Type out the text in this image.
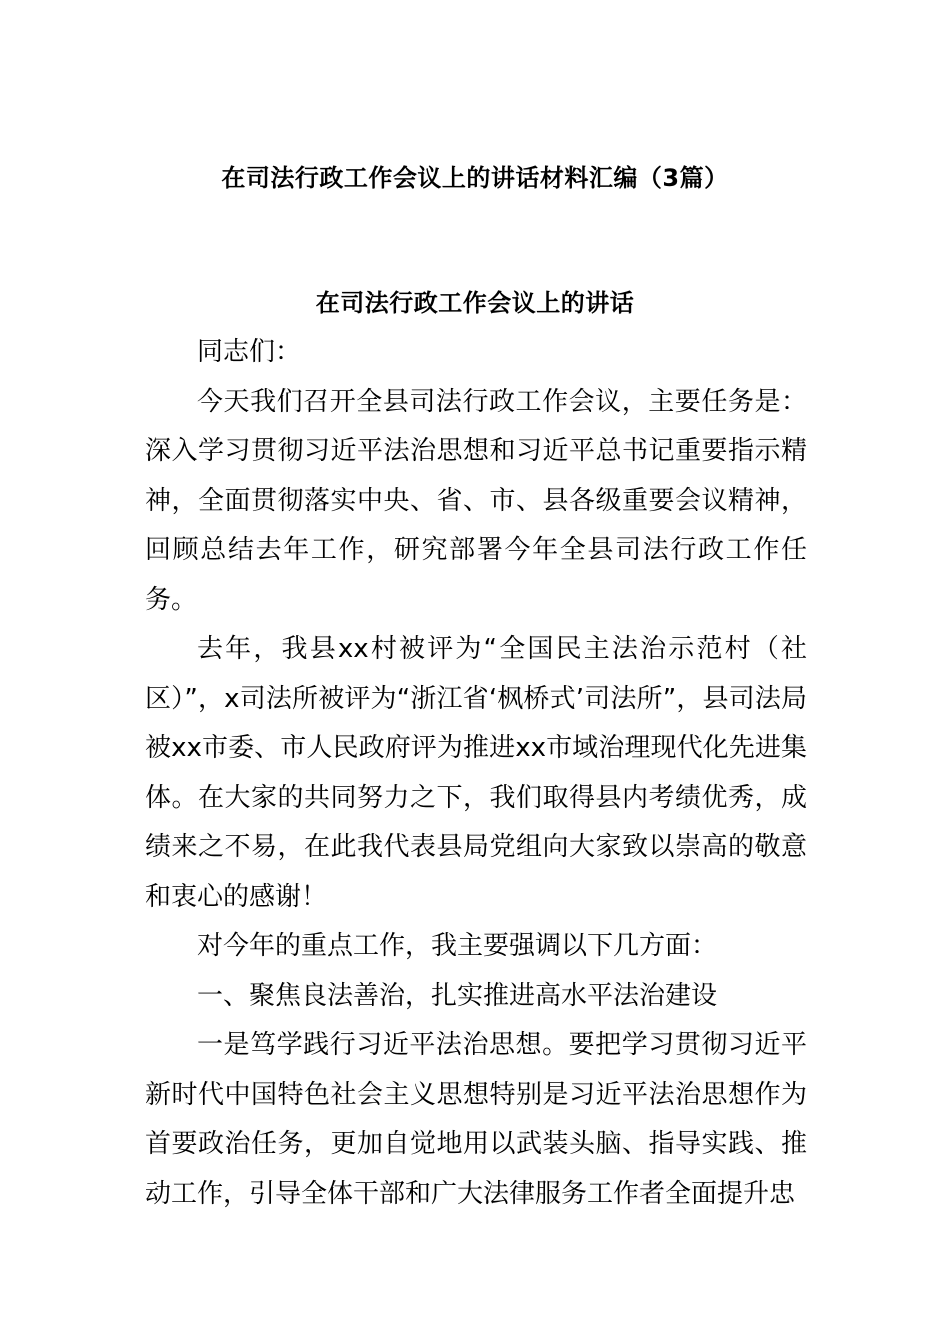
在司法行政工作会议上的讲话材料汇编（3篇）
在司法行政工作会议上的讲话

同志们：

今天我们召开全县司法行政工作会议，主要任务是：深入学习贯彻习近平法治思想和习近平总书记重要指示精神，全面贯彻落实中央、省、市、县各级重要会议精神，回顾总结去年工作，研究部署今年全县司法行政工作任务。

去年，我县xx村被评为“全国民主法治示范村（社区）”，x司法所被评为“浙江省‘枫桥式’司法所”，县司法局被xx市委、市人民政府评为推进xx市域治理现代化先进集体。在大家的共同努力之下，我们取得县内考绩优秀，成绩来之不易，在此我代表县局党组向大家致以崇高的敬意和衷心的感谢！

对今年的重点工作，我主要强调以下几方面：

一、聚焦良法善治，扎实推进高水平法治建设

一是笃学践行习近平法治思想。要把学习贯彻习近平新时代中国特色社会主义思想特别是习近平法治思想作为首要政治任务，更加自觉地用以武装头脑、指导实践、推动工作，引导全体干部和广大法律服务工作者全面提升忠
